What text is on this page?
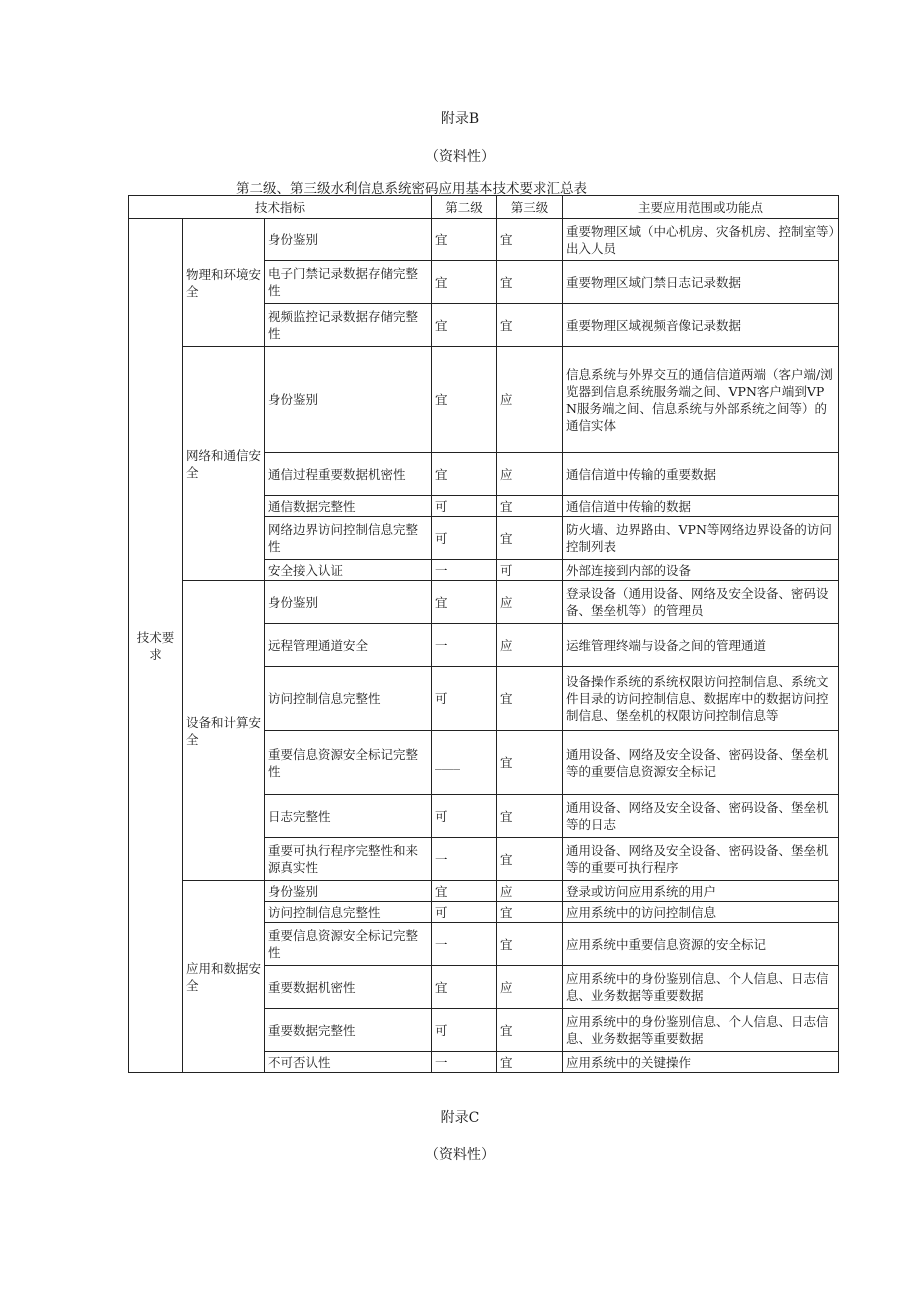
附录B
（资料性）
第二级、第三级水利信息系统密码应用基本技术要求汇总表
技术指标			第二级	第三级	主要应用范围或功能点
技术要求	物理和环境安全	身份鉴别	宜	宜	重要物理区域（中心机房、灾备机房、控制室等）出入人员
		电子门禁记录数据存储完整性	宜	宜	重要物理区域门禁日志记录数据
		视频监控记录数据存储完整性	宜	宜	重要物理区域视频音像记录数据
	网络和通信安全	身份鉴别	宜	应	信息系统与外界交互的通信信道两端（客户端/浏览器到信息系统服务端之间、VPN客户端到VPN服务端之间、信息系统与外部系统之间等）的通信实体
		通信过程重要数据机密性	宜	应	通信信道中传输的重要数据
		通信数据完整性	可	宜	通信信道中传输的数据
		网络边界访问控制信息完整性	可	宜	防火墙、边界路由、VPN等网络边界设备的访问控制列表
		安全接入认证	一	可	外部连接到内部的设备
	设备和计算安全	身份鉴别	宜	应	登录设备（通用设备、网络及安全设备、密码设备、堡垒机等）的管理员
		远程管理通道安全	一	应	运维管理终端与设备之间的管理通道
		访问控制信息完整性	可	宜	设备操作系统的系统权限访问控制信息、系统文件目录的访问控制信息、数据库中的数据访问控制信息、堡垒机的权限访问控制信息等
		重要信息资源安全标记完整性	____	宜	通用设备、网络及安全设备、密码设备、堡垒机等的重要信息资源安全标记
		日志完整性	可	宜	通用设备、网络及安全设备、密码设备、堡垒机等的日志
		重要可执行程序完整性和来源真实性	一	宜	通用设备、网络及安全设备、密码设备、堡垒机等的重要可执行程序
	应用和数据安全	身份鉴别	宜	应	登录或访问应用系统的用户
		访问控制信息完整性	可	宜	应用系统中的访问控制信息
		重要信息资源安全标记完整性	一	宜	应用系统中重要信息资源的安全标记
		重要数据机密性	宜	应	应用系统中的身份鉴别信息、个人信息、日志信息、业务数据等重要数据
		重要数据完整性	可	宜	应用系统中的身份鉴别信息、个人信息、日志信息、业务数据等重要数据
		不可否认性	一	宜	应用系统中的关键操作
附录C
（资料性）
